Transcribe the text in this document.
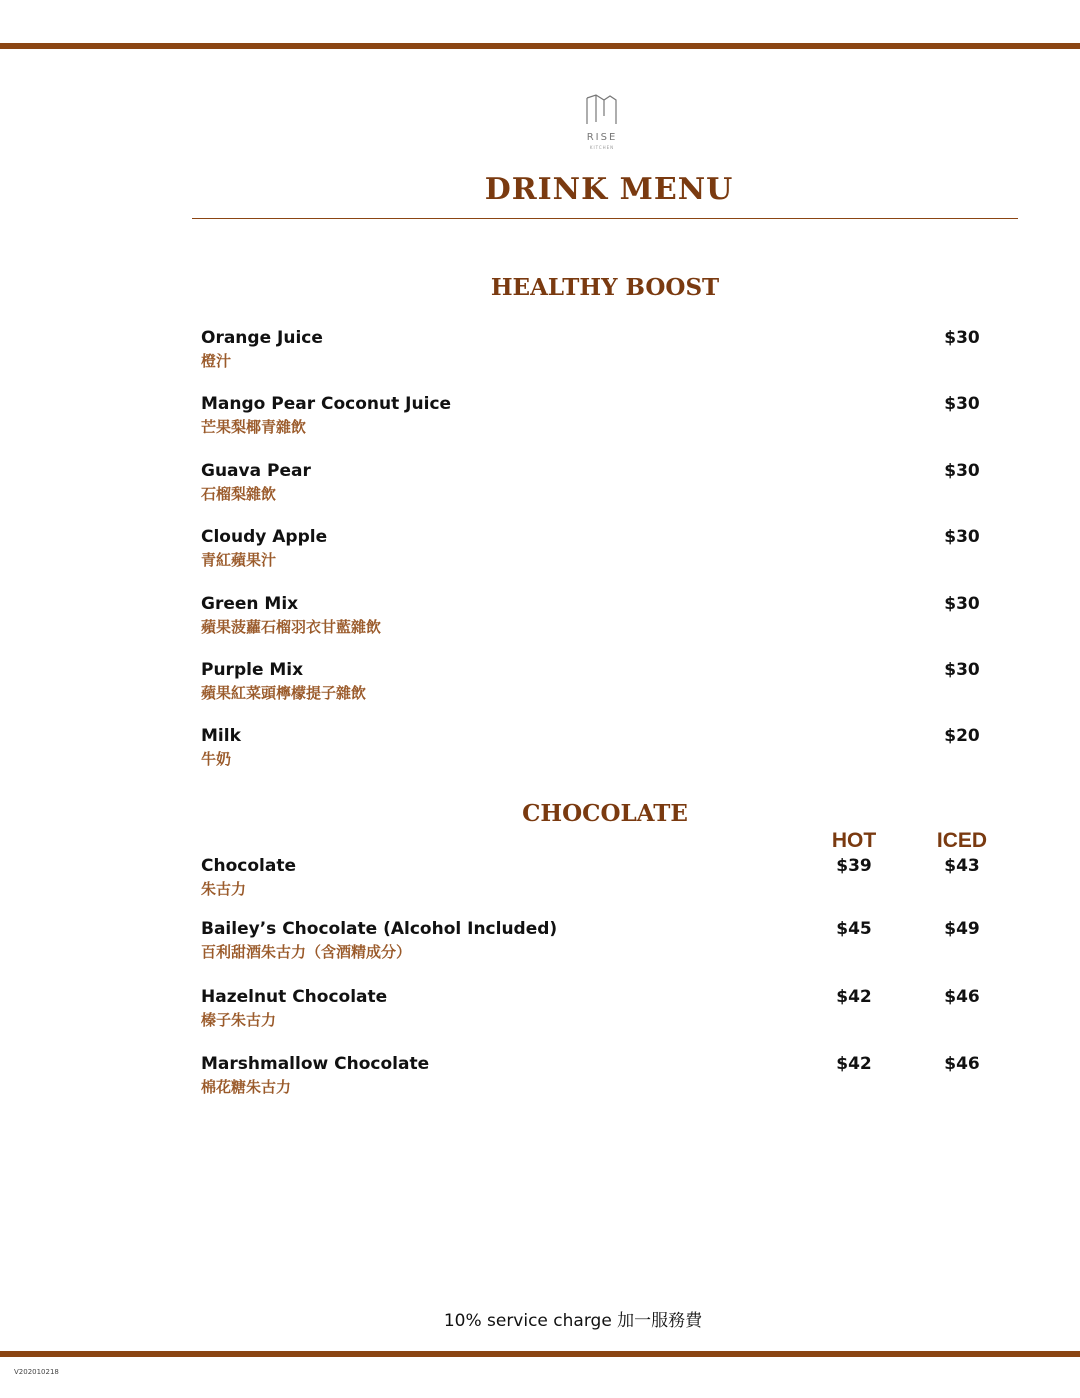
RISE
KITCHEN
DRINK MENU
HEALTHY BOOST
Orange Juice
橙汁
$30
Mango Pear Coconut Juice
芒果梨椰青雜飲
$30
Guava Pear
石榴梨雜飲
$30
Cloudy Apple
青紅蘋果汁
$30
Green Mix
蘋果菠蘿石榴羽衣甘藍雜飲
$30
Purple Mix
蘋果紅菜頭檸檬提子雜飲
$30
Milk
牛奶
$20
CHOCOLATE
HOT	ICED
Chocolate
朱古力
$39	$43
Bailey’s Chocolate (Alcohol Included)
百利甜酒朱古力（含酒精成分）
$45	$49
Hazelnut Chocolate
榛子朱古力
$42	$46
Marshmallow Chocolate
棉花糖朱古力
$42	$46
10% service charge 加一服務費
V202010218
